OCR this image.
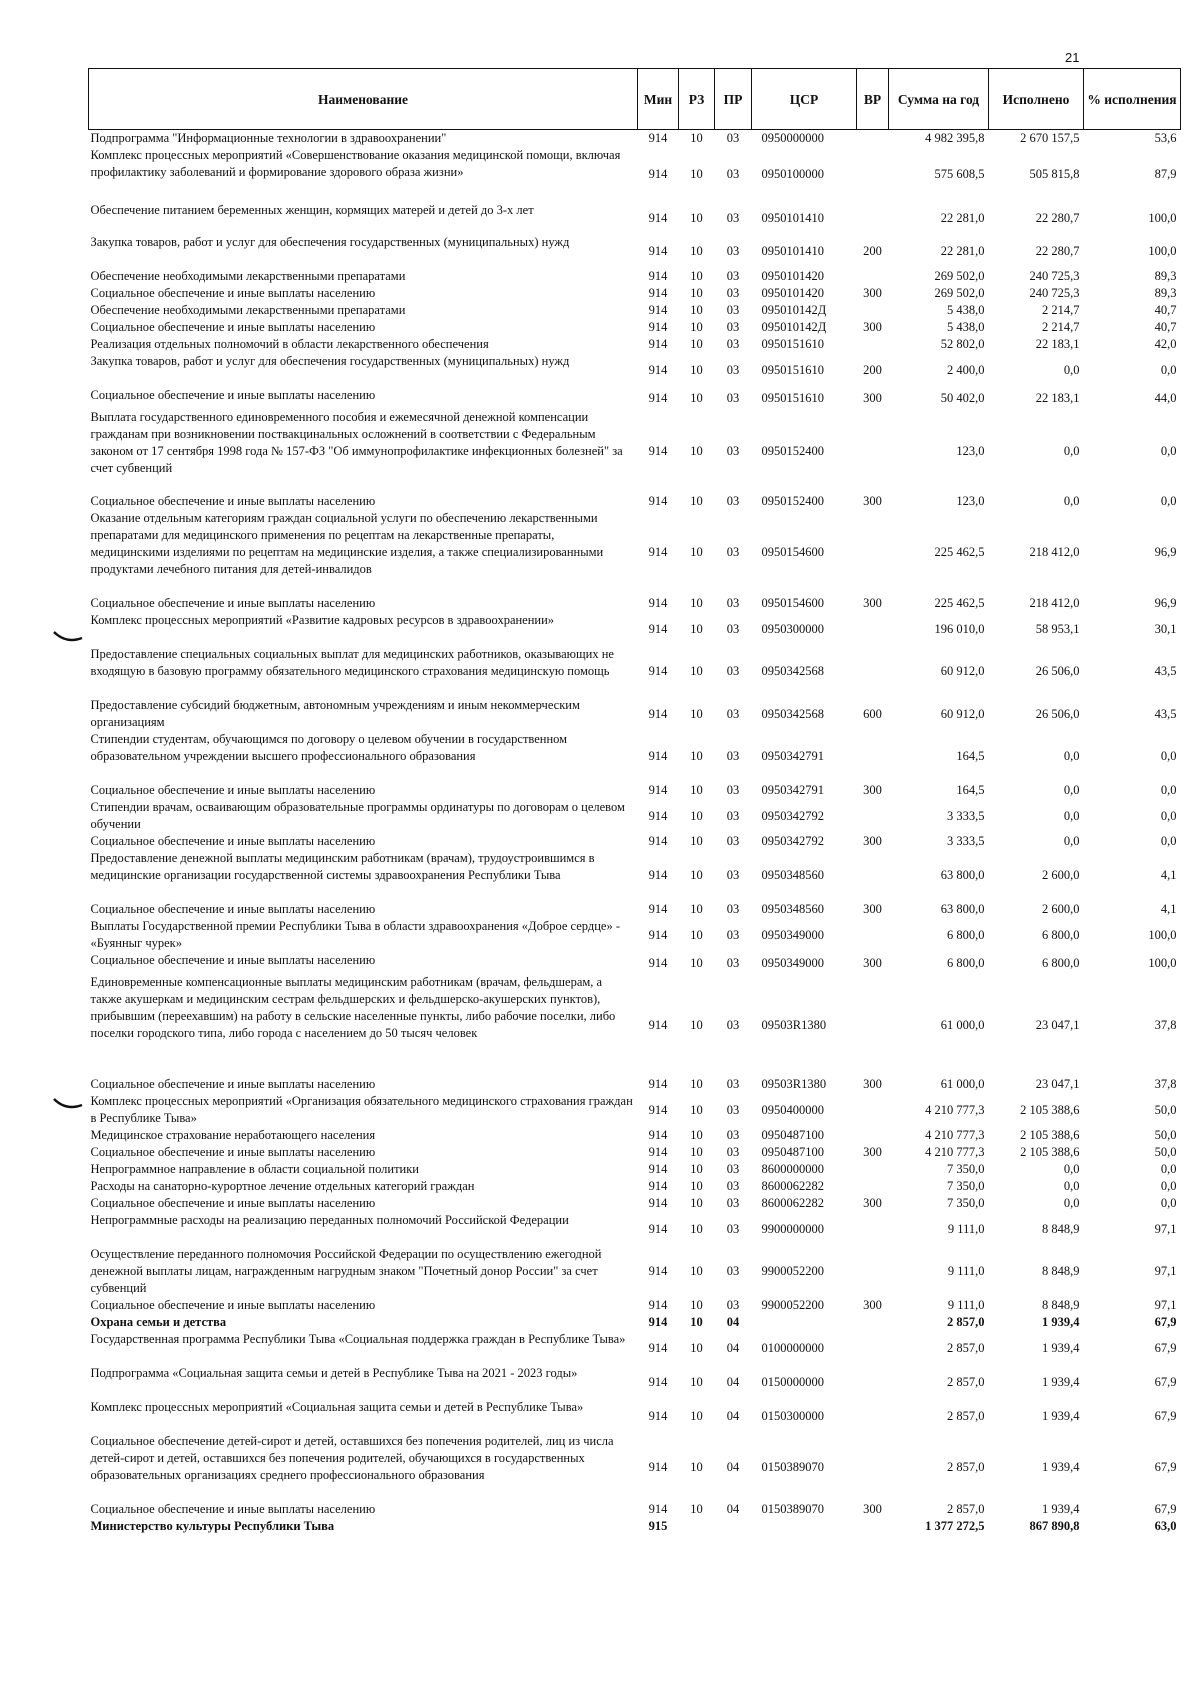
21
Наименование	Мин	РЗ	ПР	ЦСР	ВР	Сумма на год	Исполнено	% исполнения
Подпрограмма "Информационные технологии в здравоохранении"	914	10	03	0950000000		4 982 395,8	2 670 157,5	53,6
Комплекс процессных мероприятий «Совершенствование оказания медицинской помощи, включая профилактику заболеваний и формирование здорового образа жизни»	914	10	03	0950100000		575 608,5	505 815,8	87,9
Обеспечение питанием беременных женщин, кормящих матерей и детей до 3-х лет	914	10	03	0950101410		22 281,0	22 280,7	100,0
Закупка товаров, работ и услуг для обеспечения государственных (муниципальных) нужд	914	10	03	0950101410	200	22 281,0	22 280,7	100,0
Обеспечение необходимыми лекарственными препаратами	914	10	03	0950101420		269 502,0	240 725,3	89,3
Социальное обеспечение и иные выплаты населению	914	10	03	0950101420	300	269 502,0	240 725,3	89,3
Обеспечение необходимыми лекарственными препаратами	914	10	03	095010142Д		5 438,0	2 214,7	40,7
Социальное обеспечение и иные выплаты населению	914	10	03	095010142Д	300	5 438,0	2 214,7	40,7
Реализация отдельных полномочий в области лекарственного обеспечения	914	10	03	0950151610		52 802,0	22 183,1	42,0
Закупка товаров, работ и услуг для обеспечения государственных (муниципальных) нужд	914	10	03	0950151610	200	2 400,0	0,0	0,0
Социальное обеспечение и иные выплаты населению	914	10	03	0950151610	300	50 402,0	22 183,1	44,0
Выплата государственного единовременного пособия и ежемесячной денежной компенсации гражданам при возникновении поствакцинальных осложнений в соответствии с Федеральным законом от 17 сентября 1998 года № 157-ФЗ "Об иммунопрофилактике инфекционных болезней" за счет субвенций	914	10	03	0950152400		123,0	0,0	0,0
Социальное обеспечение и иные выплаты населению	914	10	03	0950152400	300	123,0	0,0	0,0
Оказание отдельным категориям граждан социальной услуги по обеспечению лекарственными препаратами для медицинского применения по рецептам на лекарственные препараты, медицинскими изделиями по рецептам на медицинские изделия, а также специализированными продуктами лечебного питания для детей-инвалидов	914	10	03	0950154600		225 462,5	218 412,0	96,9
Социальное обеспечение и иные выплаты населению	914	10	03	0950154600	300	225 462,5	218 412,0	96,9
Комплекс процессных мероприятий «Развитие кадровых ресурсов в здравоохранении»	914	10	03	0950300000		196 010,0	58 953,1	30,1
Предоставление специальных социальных выплат для медицинских работников, оказывающих не входящую в базовую программу обязательного медицинского страхования медицинскую помощь	914	10	03	0950342568		60 912,0	26 506,0	43,5
Предоставление субсидий бюджетным, автономным учреждениям и иным некоммерческим организациям	914	10	03	0950342568	600	60 912,0	26 506,0	43,5
Стипендии студентам, обучающимся по договору о целевом обучении в государственном образовательном учреждении высшего профессионального образования	914	10	03	0950342791		164,5	0,0	0,0
Социальное обеспечение и иные выплаты населению	914	10	03	0950342791	300	164,5	0,0	0,0
Стипендии врачам, осваивающим образовательные программы ординатуры по договорам о целевом обучении	914	10	03	0950342792		3 333,5	0,0	0,0
Социальное обеспечение и иные выплаты населению	914	10	03	0950342792	300	3 333,5	0,0	0,0
Предоставление денежной выплаты медицинским работникам (врачам), трудоустроившимся в медицинские организации государственной системы здравоохранения Республики Тыва	914	10	03	0950348560		63 800,0	2 600,0	4,1
Социальное обеспечение и иные выплаты населению	914	10	03	0950348560	300	63 800,0	2 600,0	4,1
Выплаты Государственной премии Республики Тыва в области здравоохранения «Доброе сердце» - «Буянныг чурек»	914	10	03	0950349000		6 800,0	6 800,0	100,0
Социальное обеспечение и иные выплаты населению	914	10	03	0950349000	300	6 800,0	6 800,0	100,0
Единовременные компенсационные выплаты медицинским работникам (врачам, фельдшерам, а также акушеркам и медицинским сестрам фельдшерских и фельдшерско-акушерских пунктов), прибывшим (переехавшим) на работу в сельские населенные пункты, либо рабочие поселки, либо поселки городского типа, либо города с населением до 50 тысяч человек	914	10	03	09503R1380		61 000,0	23 047,1	37,8
Социальное обеспечение и иные выплаты населению	914	10	03	09503R1380	300	61 000,0	23 047,1	37,8
Комплекс процессных мероприятий «Организация обязательного медицинского страхования граждан в Республике Тыва»	914	10	03	0950400000		4 210 777,3	2 105 388,6	50,0
Медицинское страхование неработающего населения	914	10	03	0950487100		4 210 777,3	2 105 388,6	50,0
Социальное обеспечение и иные выплаты населению	914	10	03	0950487100	300	4 210 777,3	2 105 388,6	50,0
Непрограммное направление в области социальной политики	914	10	03	8600000000		7 350,0	0,0	0,0
Расходы на санаторно-курортное лечение отдельных категорий граждан	914	10	03	8600062282		7 350,0	0,0	0,0
Социальное обеспечение и иные выплаты населению	914	10	03	8600062282	300	7 350,0	0,0	0,0
Непрограммные расходы на реализацию переданных полномочий Российской Федерации	914	10	03	9900000000		9 111,0	8 848,9	97,1
Осуществление переданного полномочия Российской Федерации по осуществлению ежегодной денежной выплаты лицам, награжденным нагрудным знаком "Почетный донор России" за счет субвенций	914	10	03	9900052200		9 111,0	8 848,9	97,1
Социальное обеспечение и иные выплаты населению	914	10	03	9900052200	300	9 111,0	8 848,9	97,1
Охрана семьи и детства	914	10	04			2 857,0	1 939,4	67,9
Государственная программа Республики Тыва «Социальная поддержка граждан в Республике Тыва»	914	10	04	0100000000		2 857,0	1 939,4	67,9
Подпрограмма «Социальная защита семьи и детей в Республике Тыва на 2021 - 2023 годы»	914	10	04	0150000000		2 857,0	1 939,4	67,9
Комплекс процессных мероприятий «Социальная защита семьи и детей в Республике Тыва»	914	10	04	0150300000		2 857,0	1 939,4	67,9
Социальное обеспечение детей-сирот и детей, оставшихся без попечения родителей, лиц из числа детей-сирот и детей, оставшихся без попечения родителей, обучающихся в государственных образовательных организациях среднего профессионального образования	914	10	04	0150389070		2 857,0	1 939,4	67,9
Социальное обеспечение и иные выплаты населению	914	10	04	0150389070	300	2 857,0	1 939,4	67,9
Министерство культуры Республики Тыва	915					1 377 272,5	867 890,8	63,0
